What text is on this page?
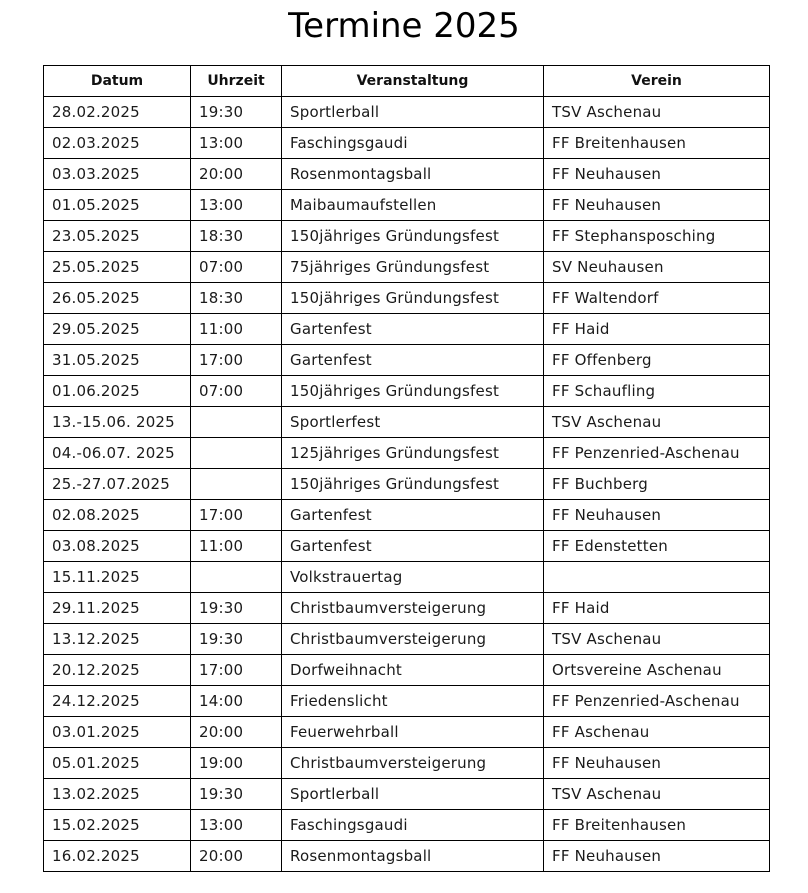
Termine 2025
Datum	Uhrzeit	Veranstaltung	Verein
28.02.2025	19:30	Sportlerball	TSV Aschenau
02.03.2025	13:00	Faschingsgaudi	FF Breitenhausen
03.03.2025	20:00	Rosenmontagsball	FF Neuhausen
01.05.2025	13:00	Maibaumaufstellen	FF Neuhausen
23.05.2025	18:30	150jähriges Gründungsfest	FF Stephansposching
25.05.2025	07:00	75jähriges Gründungsfest	SV Neuhausen
26.05.2025	18:30	150jähriges Gründungsfest	FF Waltendorf
29.05.2025	11:00	Gartenfest	FF Haid
31.05.2025	17:00	Gartenfest	FF Offenberg
01.06.2025	07:00	150jähriges Gründungsfest	FF Schaufling
13.-15.06. 2025		Sportlerfest	TSV Aschenau
04.-06.07. 2025		125jähriges Gründungsfest	FF Penzenried-Aschenau
25.-27.07.2025		150jähriges Gründungsfest	FF Buchberg
02.08.2025	17:00	Gartenfest	FF Neuhausen
03.08.2025	11:00	Gartenfest	FF Edenstetten
15.11.2025		Volkstrauertag	
29.11.2025	19:30	Christbaumversteigerung	FF Haid
13.12.2025	19:30	Christbaumversteigerung	TSV Aschenau
20.12.2025	17:00	Dorfweihnacht	Ortsvereine Aschenau
24.12.2025	14:00	Friedenslicht	FF Penzenried-Aschenau
03.01.2025	20:00	Feuerwehrball	FF Aschenau
05.01.2025	19:00	Christbaumversteigerung	FF Neuhausen
13.02.2025	19:30	Sportlerball	TSV Aschenau
15.02.2025	13:00	Faschingsgaudi	FF Breitenhausen
16.02.2025	20:00	Rosenmontagsball	FF Neuhausen
